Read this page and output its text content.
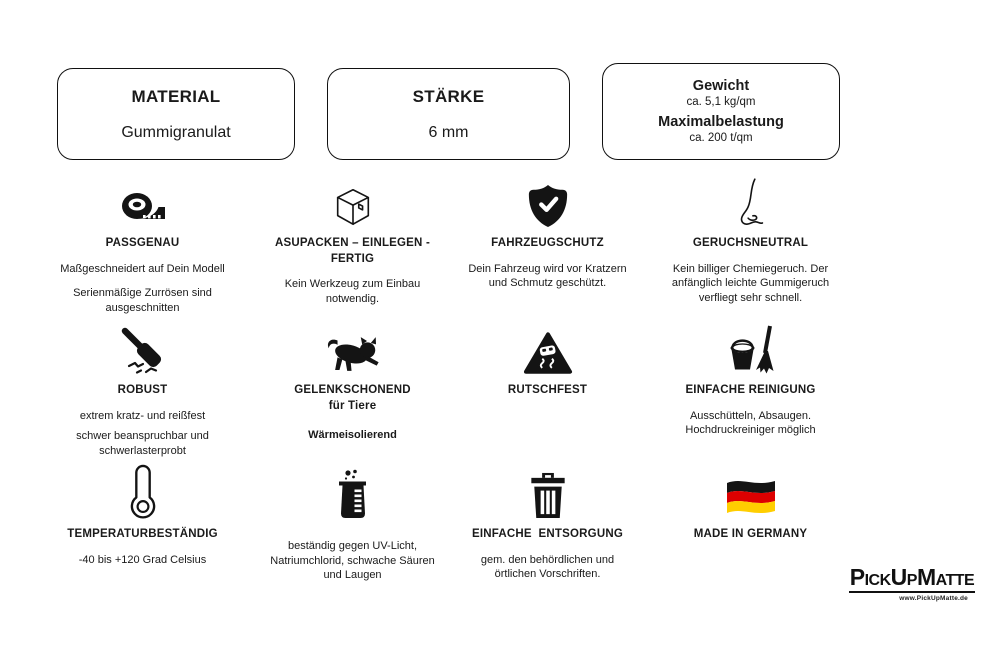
MATERIAL
Gummigranulat
STÄRKE
6 mm
Gewicht
ca. 5,1 kg/qm
Maximalbelastung
ca. 200 t/qm
PASSGENAU

Maßgeschneidert auf Dein Modell

Serienmäßige Zurrösen sind ausgeschnitten

ASUPACKEN – EINLEGEN -
FERTIG

Kein Werkzeug zum Einbau notwendig.

FAHRZEUGSCHUTZ

Dein Fahrzeug wird vor Kratzern und Schmutz geschützt.

GERUCHSNEUTRAL

Kein billiger Chemiegeruch. Der anfänglich leichte Gummigeruch verfliegt sehr schnell.

ROBUST

extrem kratz- und reißfest

schwer beanspruchbar und schwerlasterprobt

GELENKSCHONEND
für Tiere

Wärmeisolierend

RUTSCHFEST	EINFACHE REINIGUNG

Ausschütteln, Absaugen. Hochdruckreiniger möglich

TEMPERATURBESTÄNDIG

-40 bis +120 Grad Celsius

beständig gegen UV-Licht, Natriumchlorid, schwache Säuren und Laugen

EINFACHE  ENTSORGUNG

gem. den behördlichen und örtlichen Vorschriften.

MADE IN GERMANY
PICKUPMATTE
www.PickUpMatte.de
